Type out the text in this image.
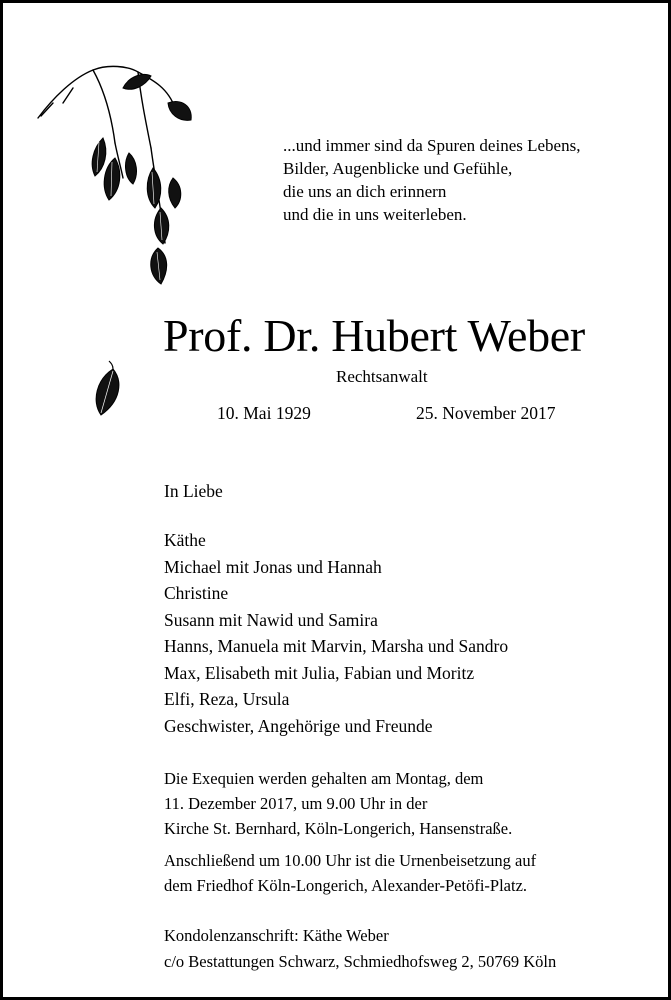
...und immer sind da Spuren deines Lebens,
Bilder, Augenblicke und Gefühle,
die uns an dich erinnern
und die in uns weiterleben.
Prof. Dr. Hubert Weber
Rechtsanwalt
10. Mai 1929	25. November 2017
In Liebe
Käthe
Michael mit Jonas und Hannah
Christine
Susann mit Nawid und Samira
Hanns, Manuela mit Marvin, Marsha und Sandro
Max, Elisabeth mit Julia, Fabian und Moritz
Elfi, Reza, Ursula
Geschwister, Angehörige und Freunde

Die Exequien werden gehalten am Montag, dem
11. Dezember 2017, um 9.00 Uhr in der
Kirche St. Bernhard, Köln-Longerich, Hansenstraße.

Anschließend um 10.00 Uhr ist die Urnenbeisetzung auf
dem Friedhof Köln-Longerich, Alexander-Petöfi-Platz.

Kondolenzanschrift: Käthe Weber
c/o Bestattungen Schwarz, Schmiedhofsweg 2, 50769 Köln
